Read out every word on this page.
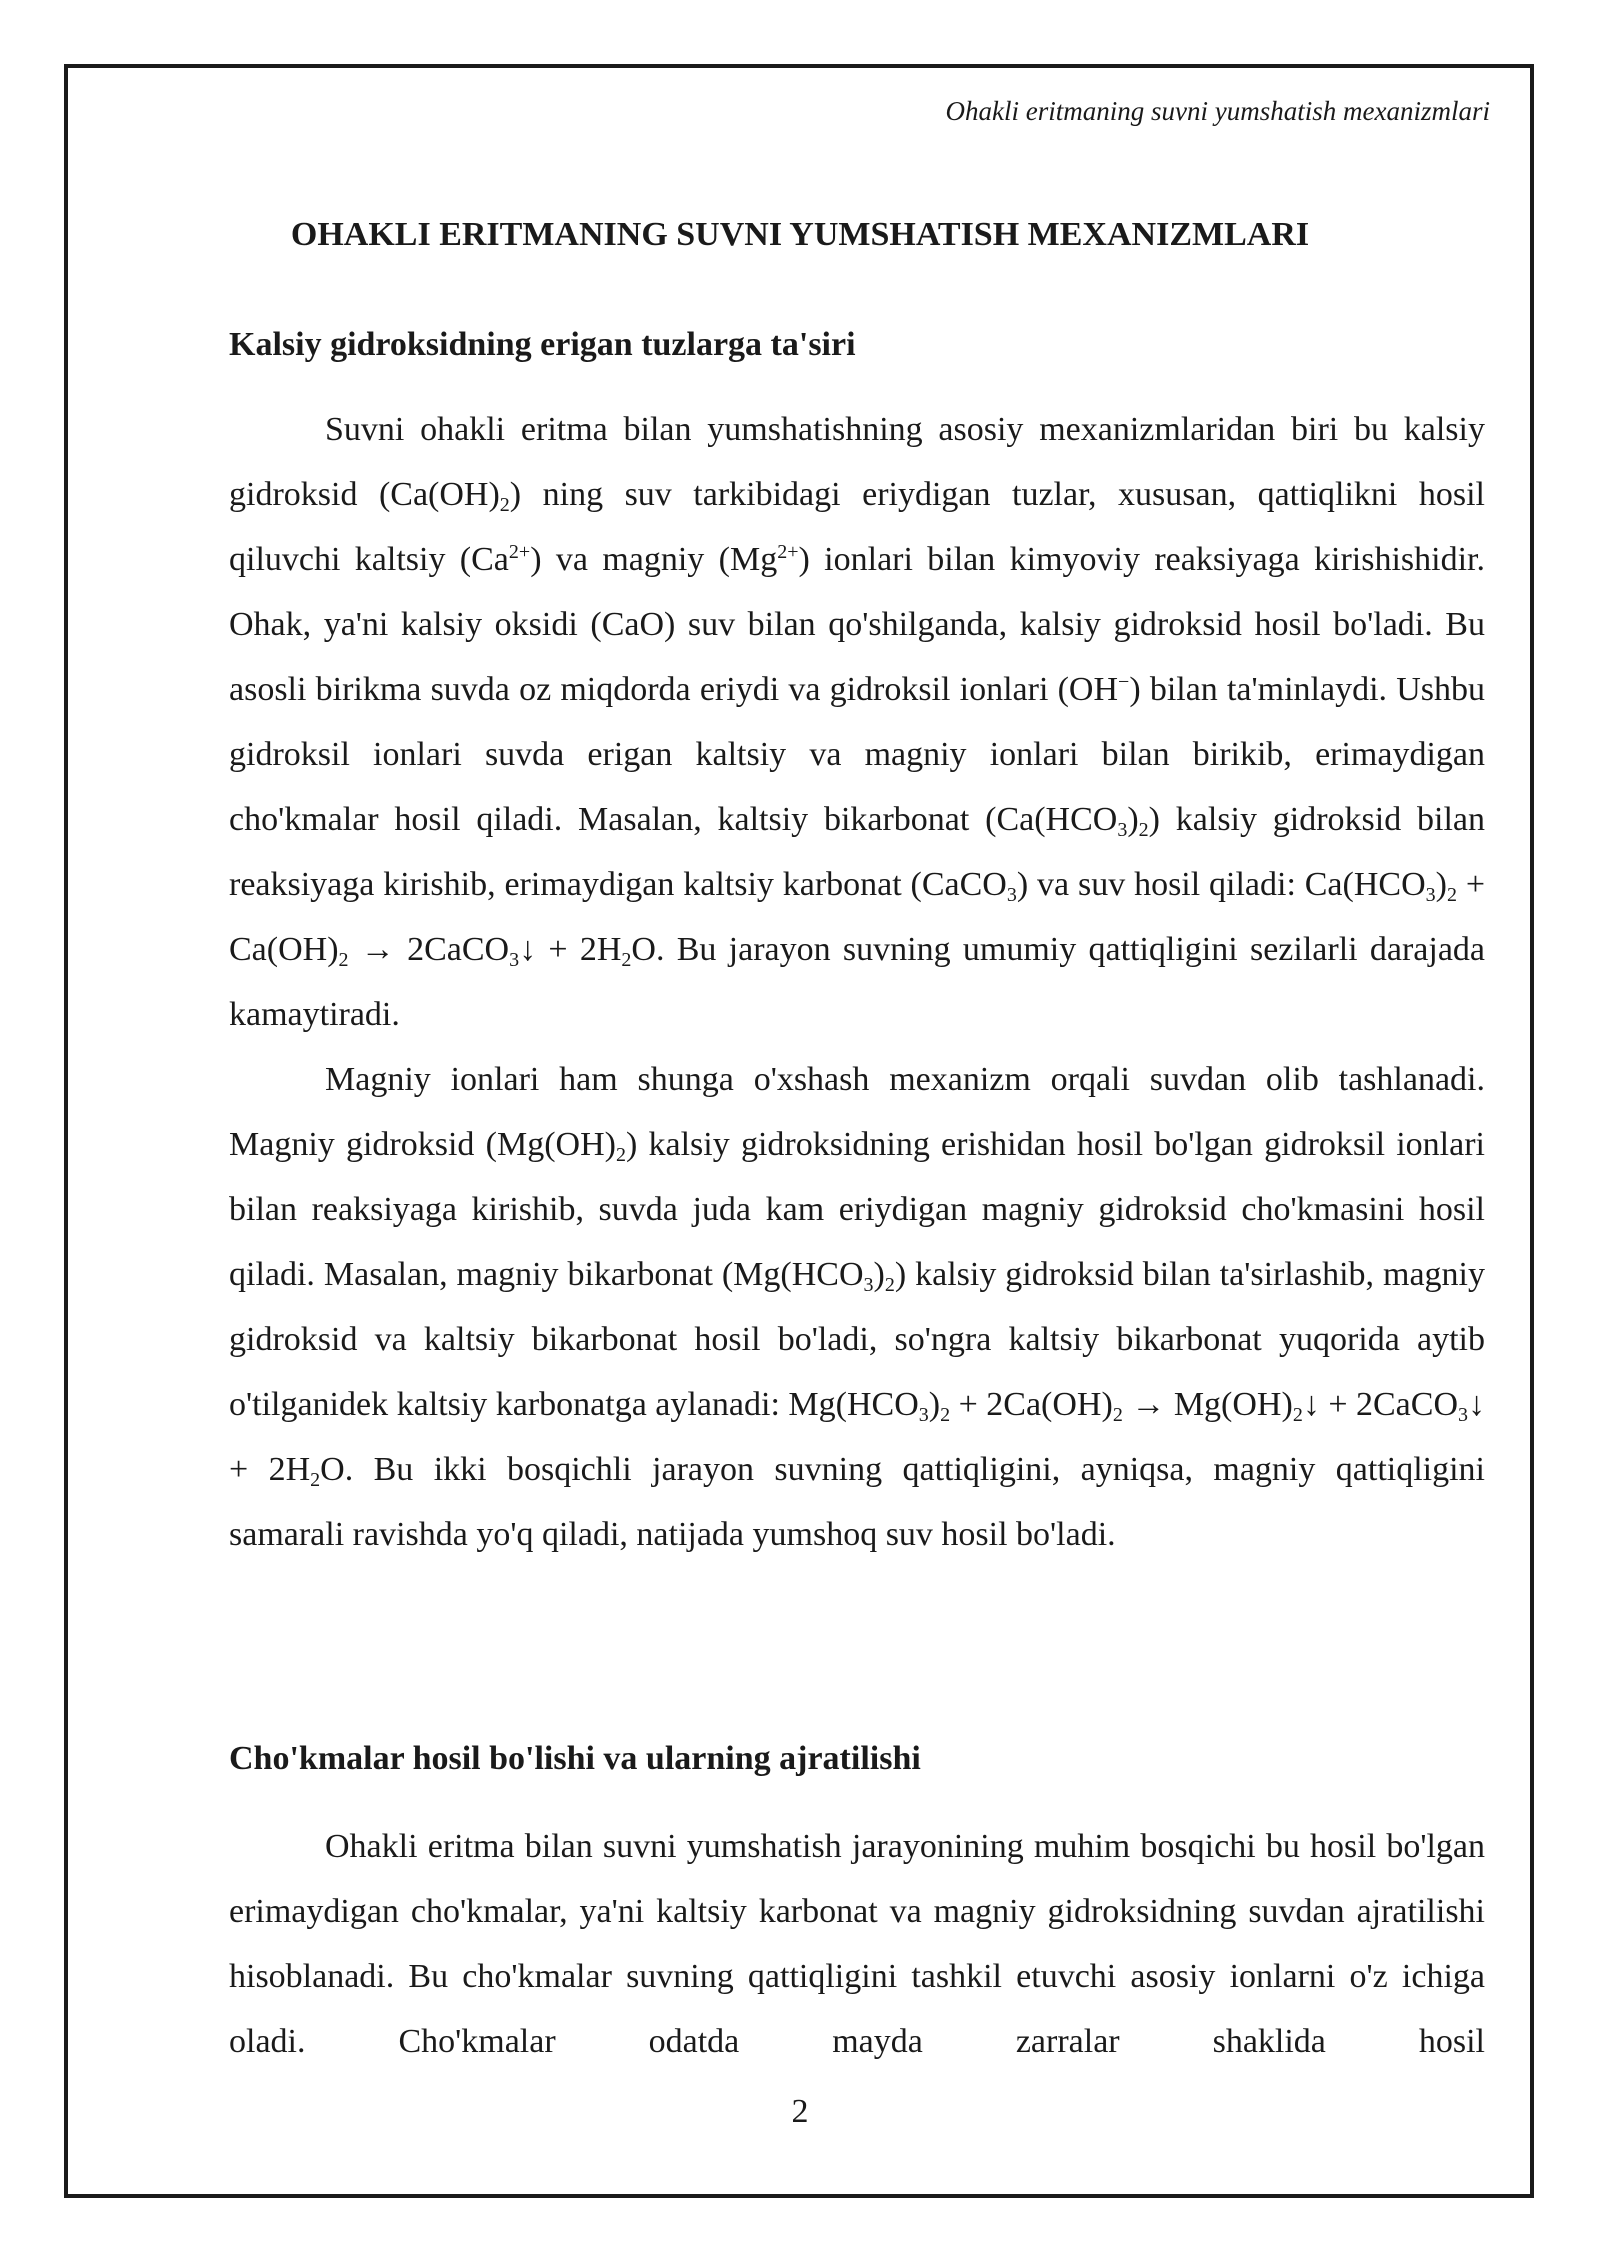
Ohakli eritmaning suvni yumshatish mexanizmlari
OHAKLI ERITMANING SUVNI YUMSHATISH MEXANIZMLARI
Kalsiy gidroksidning erigan tuzlarga ta'siri

Suvni ohakli eritma bilan yumshatishning asosiy mexanizmlaridan biri bu kalsiy gidroksid $(Ca(OH)_2)$ ning suv tarkibidagi eriydigan tuzlar, xususan, qattiqlikni hosil qiluvchi kaltsiy $(Ca^{2+})$ va magniy $(Mg^{2+})$ ionlari bilan kimyoviy reaksiyaga kirishishidir. Ohak, ya'ni kalsiy oksidi (CaO) suv bilan qo'shilganda, kalsiy gidroksid hosil bo'ladi. Bu asosli birikma suvda oz miqdorda eriydi va gidroksil ionlari (OH−) bilan ta'minlaydi. Ushbu gidroksil ionlari suvda erigan kaltsiy va magniy ionlari bilan birikib, erimaydigan cho'kmalar hosil qiladi. Masalan, kaltsiy bikarbonat $(Ca(HCO_3)_2)$ kalsiy gidroksid bilan reaksiyaga kirishib, erimaydigan kaltsiy karbonat (CaCO$_3$) va suv hosil qiladi: $Ca(HCO_3)_2 + Ca(OH)_2$ → 2CaCO$_3$↓ + $2H_2O$. Bu jarayon suvning umumiy qattiqligini sezilarli darajada kamaytiradi.

Magniy ionlari ham shunga o'xshash mexanizm orqali suvdan olib tashlanadi. Magniy gidroksid $(Mg(OH)_2)$ kalsiy gidroksidning erishidan hosil bo'lgan gidroksil ionlari bilan reaksiyaga kirishib, suvda juda kam eriydigan magniy gidroksid cho'kmasini hosil qiladi. Masalan, magniy bikarbonat $(Mg(HCO_3)_2)$ kalsiy gidroksid bilan ta'sirlashib, magniy gidroksid va kaltsiy bikarbonat hosil bo'ladi, so'ngra kaltsiy bikarbonat yuqorida aytib o'tilganidek kaltsiy karbonatga aylanadi: $Mg(HCO_3)_2 + 2Ca(OH)_2$ → $Mg(OH)_2↓$ + 2CaCO$_3$↓ + $2H_2O$. Bu ikki bosqichli jarayon suvning qattiqligini, ayniqsa, magniy qattiqligini samarali ravishda yo'q qiladi, natijada yumshoq suv hosil bo'ladi.

Cho'kmalar hosil bo'lishi va ularning ajratilishi

Ohakli eritma bilan suvni yumshatish jarayonining muhim bosqichi bu hosil bo'lgan erimaydigan cho'kmalar, ya'ni kaltsiy karbonat va magniy gidroksidning suvdan ajratilishi hisoblanadi. Bu cho'kmalar suvning qattiqligini tashkil etuvchi asosiy ionlarni o'z ichiga oladi. Cho'kmalar odatda mayda zarralar shaklida hosil

2
